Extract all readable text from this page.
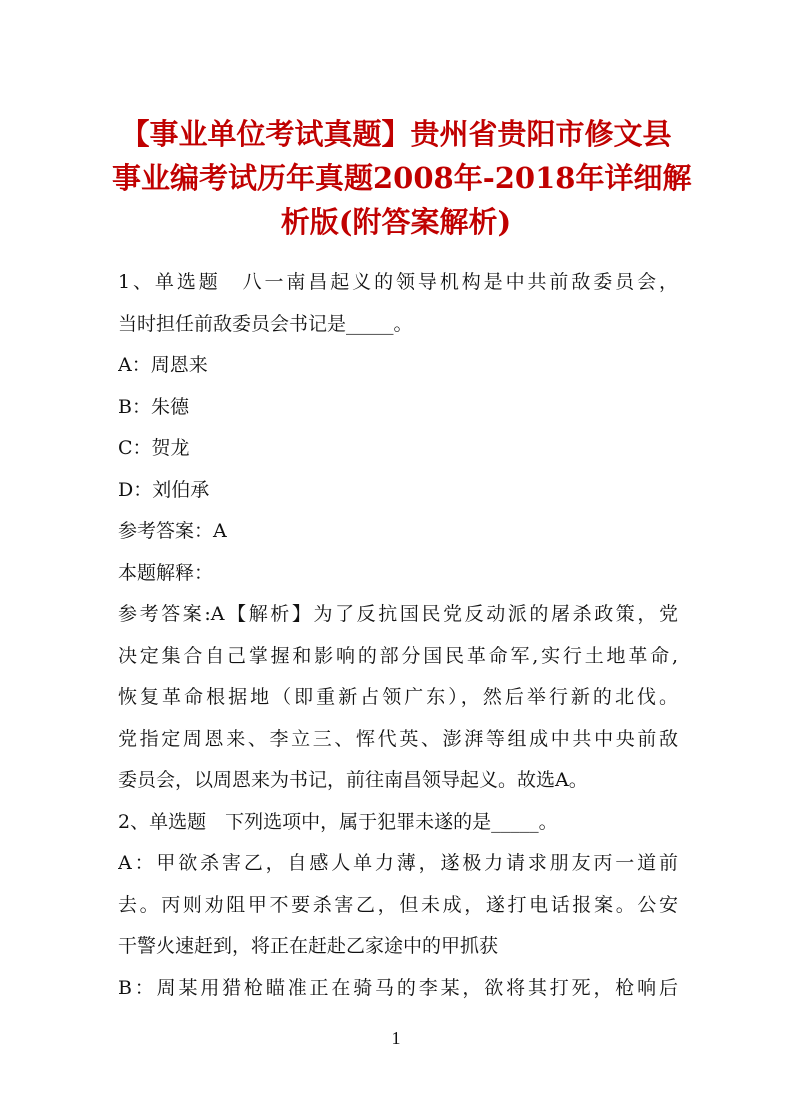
【事业单位考试真题】贵州省贵阳市修文县
事业编考试历年真题2008年-2018年详细解
析版(附答案解析)
1、单选题　八一南昌起义的领导机构是中共前敌委员会，
当时担任前敌委员会书记是_____。
A：周恩来
B：朱德
C：贺龙
D：刘伯承
参考答案：A
本题解释：
参考答案:A【解析】为了反抗国民党反动派的屠杀政策，党
决定集合自己掌握和影响的部分国民革命军,实行土地革命,
恢复革命根据地（即重新占领广东），然后举行新的北伐。
党指定周恩来、李立三、恽代英、澎湃等组成中共中央前敌
委员会，以周恩来为书记，前往南昌领导起义。故选A。
2、单选题　下列选项中，属于犯罪未遂的是_____。
A：甲欲杀害乙，自感人单力薄，遂极力请求朋友丙一道前
去。丙则劝阻甲不要杀害乙，但未成，遂打电话报案。公安
干警火速赶到，将正在赶赴乙家途中的甲抓获
B：周某用猎枪瞄准正在骑马的李某，欲将其打死，枪响后
1
